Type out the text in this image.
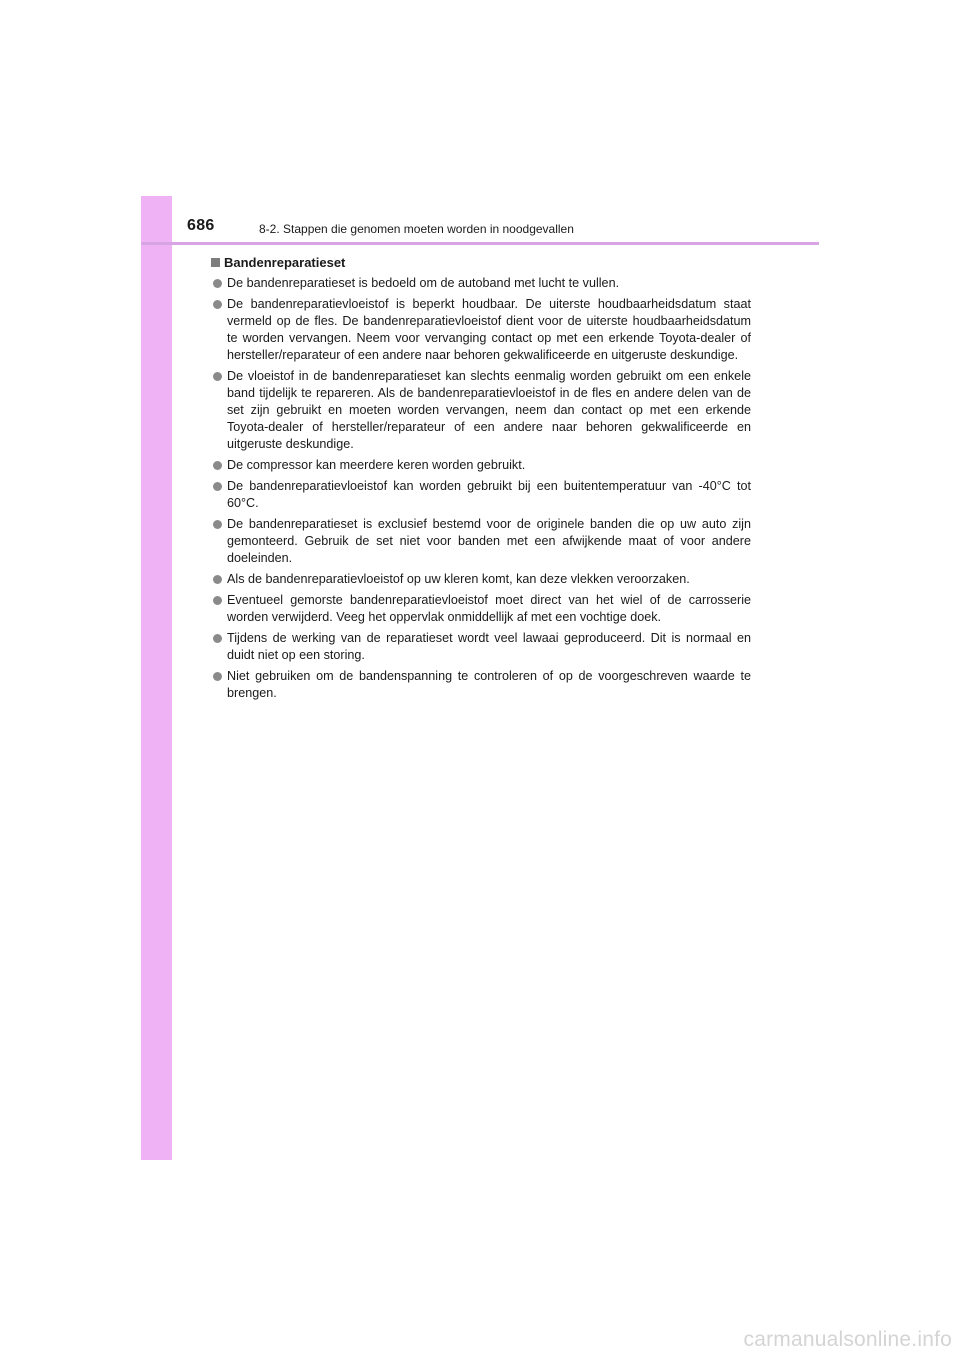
686	8-2. Stappen die genomen moeten worden in noodgevallen
Bandenreparatieset
De bandenreparatieset is bedoeld om de autoband met lucht te vullen.
De bandenreparatievloeistof is beperkt houdbaar. De uiterste houdbaarheidsdatum staat vermeld op de fles. De bandenreparatievloeistof dient voor de uiterste houdbaarheidsdatum te worden vervangen. Neem voor vervanging contact op met een erkende Toyota-dealer of hersteller/reparateur of een andere naar behoren gekwalificeerde en uitgeruste deskundige.
De vloeistof in de bandenreparatieset kan slechts eenmalig worden gebruikt om een enkele band tijdelijk te repareren. Als de bandenreparatievloeistof in de fles en andere delen van de set zijn gebruikt en moeten worden vervangen, neem dan contact op met een erkende Toyota-dealer of hersteller/reparateur of een andere naar behoren gekwalificeerde en uitgeruste deskundige.
De compressor kan meerdere keren worden gebruikt.
De bandenreparatievloeistof kan worden gebruikt bij een buitentemperatuur van -40°C tot 60°C.
De bandenreparatieset is exclusief bestemd voor de originele banden die op uw auto zijn gemonteerd. Gebruik de set niet voor banden met een afwijkende maat of voor andere doeleinden.
Als de bandenreparatievloeistof op uw kleren komt, kan deze vlekken veroorzaken.
Eventueel gemorste bandenreparatievloeistof moet direct van het wiel of de carrosserie worden verwijderd. Veeg het oppervlak onmiddellijk af met een vochtige doek.
Tijdens de werking van de reparatieset wordt veel lawaai geproduceerd. Dit is normaal en duidt niet op een storing.
Niet gebruiken om de bandenspanning te controleren of op de voorgeschreven waarde te brengen.
carmanualsonline.info
